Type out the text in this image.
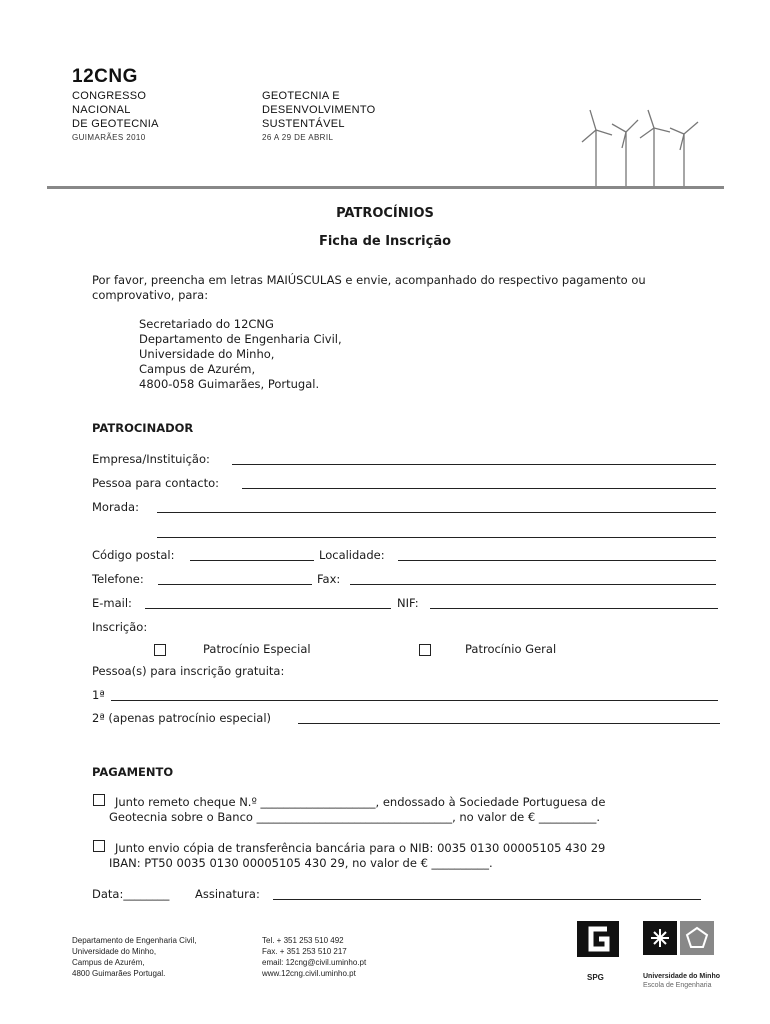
12CNG
CONGRESSO
NACIONAL
DE GEOTECNIA
GUIMARÃES 2010
GEOTECNIA E
DESENVOLVIMENTO
SUSTENTÁVEL
26 A 29 DE ABRIL
PATROCÍNIOS
Ficha de Inscrição
Por favor, preencha em letras MAIÚSCULAS e envie, acompanhado do respectivo pagamento ou
comprovativo, para:
Secretariado do 12CNG
Departamento de Engenharia Civil,
Universidade do Minho,
Campus de Azurém,
4800-058 Guimarães, Portugal.
PATROCINADOR
Empresa/Instituição:
Pessoa para contacto:
Morada:
Código postal:	Localidade:
Telefone:	Fax:
E-mail:	NIF:
Inscrição:
Patrocínio Especial	Patrocínio Geral
Pessoa(s) para inscrição gratuita:
1ª
2ª (apenas patrocínio especial)
PAGAMENTO
Junto remeto cheque N.º ____________________, endossado à Sociedade Portuguesa de
Geotecnia sobre o Banco __________________________________, no valor de € __________.
Junto envio cópia de transferência bancária para o NIB: 0035 0130 00005105 430 29
IBAN: PT50 0035 0130 00005105 430 29, no valor de € __________.
Data:________ Assinatura:
Departamento de Engenharia Civil,
Universidade do Minho,
Campus de Azurém,
4800 Guimarães Portugal.
Tel. + 351 253 510 492
Fax. + 351 253 510 217
email: 12cng@civil.uminho.pt
www.12cng.civil.uminho.pt	SPG	Universidade do Minho
Escola de Engenharia
